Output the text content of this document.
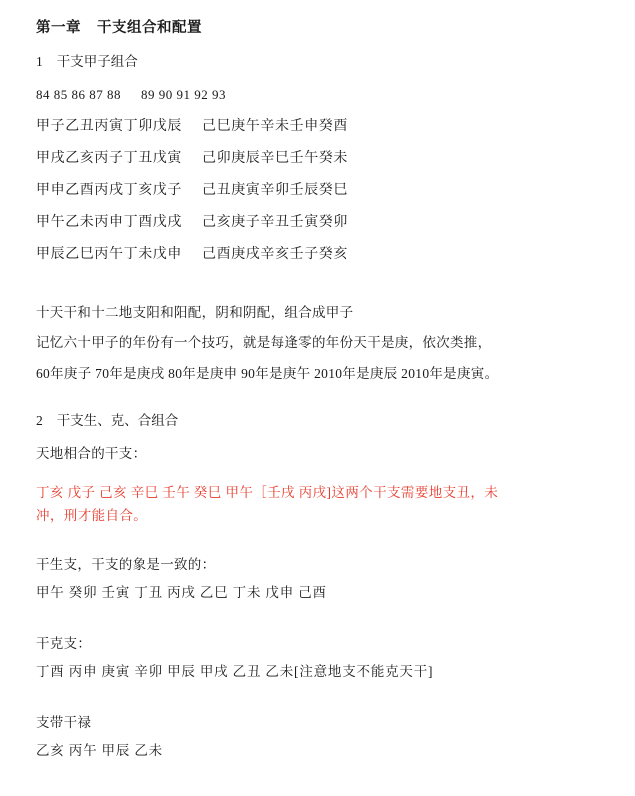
第一章 干支组合和配置
1 干支甲子组合
84 85 86 87 88 89 90 91 92 93
甲子乙丑丙寅丁卯戊辰 己巳庚午辛未壬申癸酉
甲戌乙亥丙子丁丑戊寅 己卯庚辰辛巳壬午癸未
甲申乙酉丙戌丁亥戊子 己丑庚寅辛卯壬辰癸巳
甲午乙未丙申丁酉戊戌 己亥庚子辛丑壬寅癸卯
甲辰乙巳丙午丁未戊申 己酉庚戌辛亥壬子癸亥
十天干和十二地支阳和阳配，阴和阴配，组合成甲子
记忆六十甲子的年份有一个技巧，就是每逢零的年份天干是庚，依次类推，
60年庚子 70年是庚戌 80年是庚申 90年是庚午 2010年是庚辰 2010年是庚寅。
2 干支生、克、合组合
天地相合的干支：
丁亥 戊子 己亥 辛巳 壬午 癸巳 甲午［壬戌 丙戌]这两个干支需要地支丑，未
冲，刑才能自合。
干生支，干支的象是一致的：
甲午 癸卯 壬寅 丁丑 丙戌 乙巳 丁未 戊申 己酉
干克支：
丁酉 丙申 庚寅 辛卯 甲辰 甲戌 乙丑 乙未[注意地支不能克天干]
支带干禄
乙亥 丙午 甲辰 乙未
